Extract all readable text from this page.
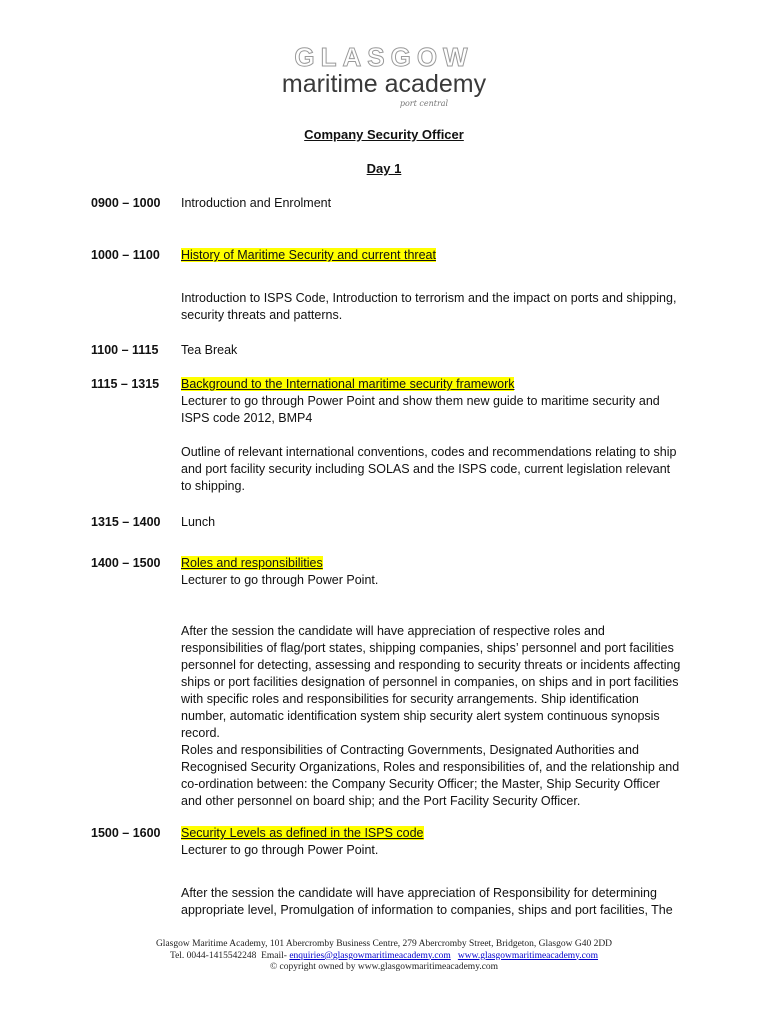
GLASGOW
maritime academy
port central
Company Security Officer
Day 1
0900 – 1000	Introduction and Enrolment
1000 – 1100	History of Maritime Security and current threat
Introduction to ISPS Code, Introduction to terrorism and the impact on ports and shipping, security threats and patterns.
1100 – 1115	Tea Break
1115 – 1315	Background to the International maritime security framework

Lecturer to go through Power Point and show them new guide to maritime security and ISPS code 2012, BMP4

Outline of relevant international conventions, codes and recommendations relating to ship and port facility security including SOLAS and the ISPS code, current legislation relevant to shipping.

1315 – 1400	Lunch
1400 – 1500	Roles and responsibilities

Lecturer to go through Power Point.

After the session the candidate will have appreciation of respective roles and responsibilities of flag/port states, shipping companies, ships’ personnel and port facilities personnel for detecting, assessing and responding to security threats or incidents affecting ships or port facilities designation of personnel in companies, on ships and in port facilities with specific roles and responsibilities for security arrangements. Ship identification number, automatic identification system ship security alert system continuous synopsis record.

Roles and responsibilities of Contracting Governments, Designated Authorities and Recognised Security Organizations, Roles and responsibilities of, and the relationship and co-ordination between: the Company Security Officer; the Master, Ship Security Officer and other personnel on board ship; and the Port Facility Security Officer.

1500 – 1600	Security Levels as defined in the ISPS code

Lecturer to go through Power Point.

After the session the candidate will have appreciation of Responsibility for determining appropriate level, Promulgation of information to companies, ships and port facilities, The

Glasgow Maritime Academy, 101 Abercromby Business Centre, 279 Abercromby Street, Bridgeton, Glasgow G40 2DD
Tel. 0044-1415542248 Email- enquiries@glasgowmaritimeacademy.com www.glasgowmaritimeacademy.com
© copyright owned by www.glasgowmaritimeacademy.com
